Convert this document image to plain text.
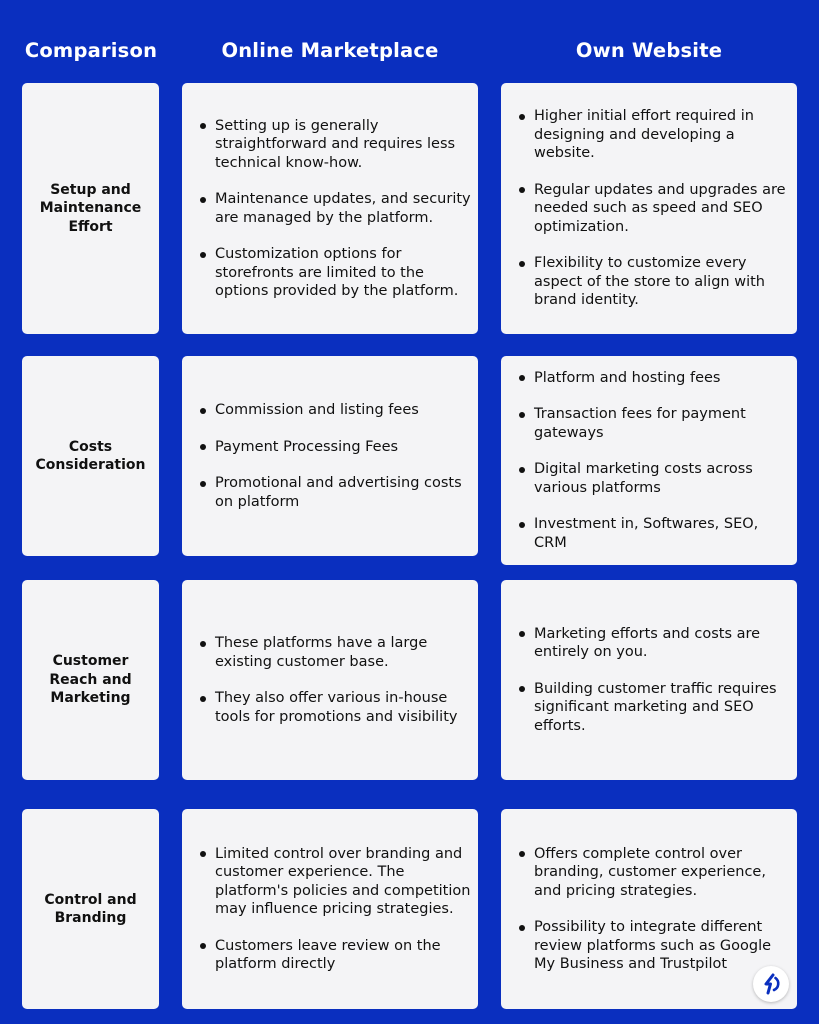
Comparison	Online Marketplace	Own Website
Setup and Maintenance Effort
Setting up is generally straightforward and requires less technical know-how.
Maintenance updates, and security are managed by the platform.
Customization options for storefronts are limited to the options provided by the platform.
Higher initial effort required in designing and developing a website.
Regular updates and upgrades are needed such as speed and SEO optimization.
Flexibility to customize every aspect of the store to align with brand identity.
Costs Consideration
Commission and listing fees
Payment Processing Fees
Promotional and advertising costs on platform
Platform and hosting fees
Transaction fees for payment gateways
Digital marketing costs across various platforms
Investment in, Softwares, SEO, CRM
Customer Reach and Marketing
These platforms have a large existing customer base.
They also offer various in-house tools for promotions and visibility
Marketing efforts and costs are entirely on you.
Building customer traffic requires significant marketing and SEO efforts.
Control and Branding
Limited control over branding and customer experience. The platform's policies and competition may influence pricing strategies.
Customers leave review on the platform directly
Offers complete control over branding, customer experience, and pricing strategies.
Possibility to integrate different review platforms such as Google My Business and Trustpilot
